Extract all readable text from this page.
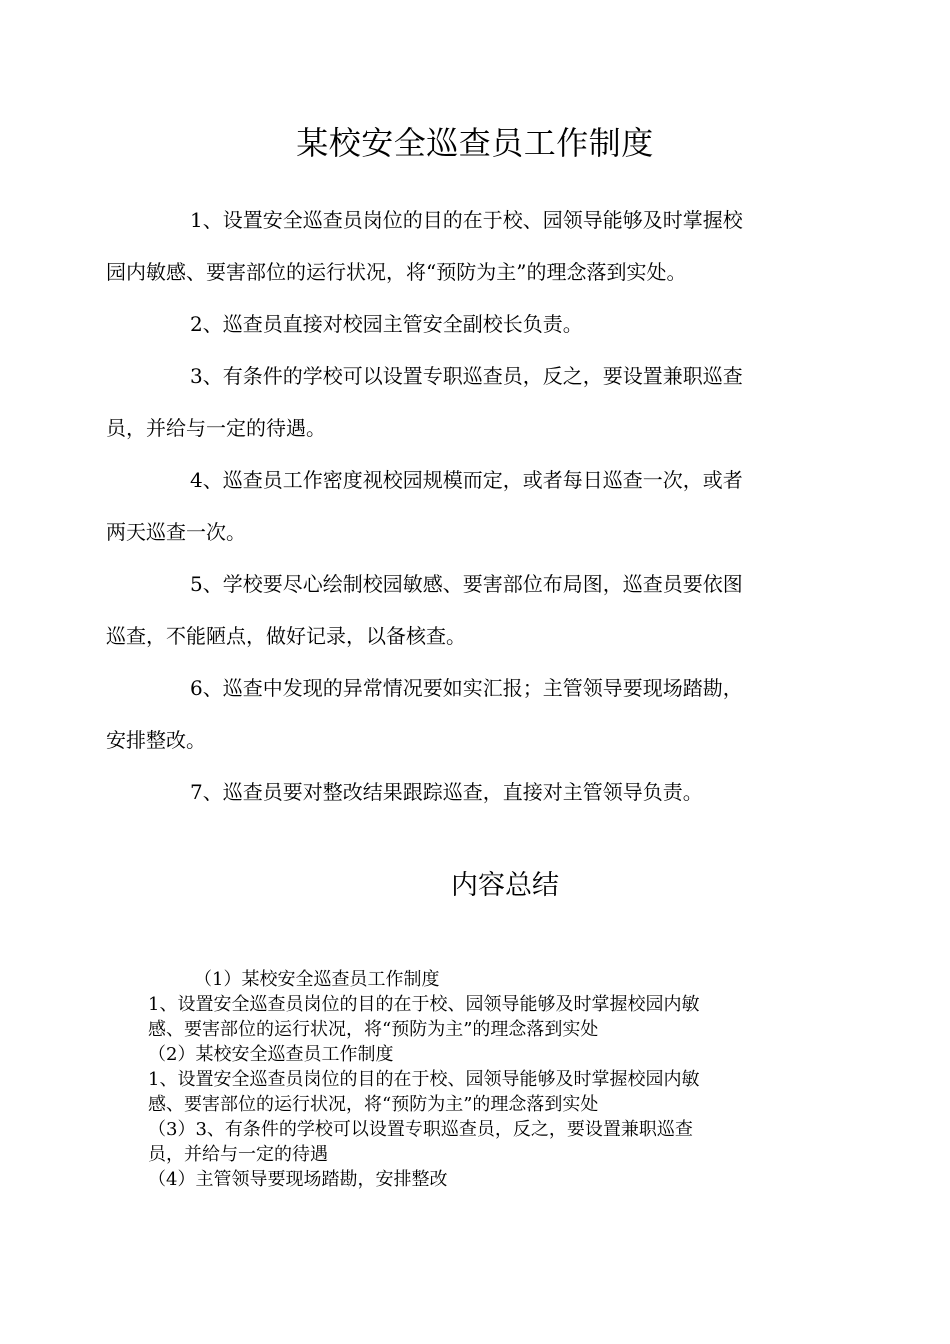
某校安全巡查员工作制度

1、设置安全巡查员岗位的目的在于校、园领导能够及时掌握校
园内敏感、要害部位的运行状况，将“预防为主”的理念落到实处。

2、巡查员直接对校园主管安全副校长负责。

3、有条件的学校可以设置专职巡查员，反之，要设置兼职巡查
员，并给与一定的待遇。

4、巡查员工作密度视校园规模而定，或者每日巡查一次，或者
两天巡查一次。

5、学校要尽心绘制校园敏感、要害部位布局图，巡查员要依图
巡查，不能陋点，做好记录，以备核查。

6、巡查中发现的异常情况要如实汇报；主管领导要现场踏勘，
安排整改。

7、巡查员要对整改结果跟踪巡查，直接对主管领导负责。

内容总结
（1）某校安全巡查员工作制度
1、设置安全巡查员岗位的目的在于校、园领导能够及时掌握校园内敏
感、要害部位的运行状况，将“预防为主”的理念落到实处
（2）某校安全巡查员工作制度
1、设置安全巡查员岗位的目的在于校、园领导能够及时掌握校园内敏
感、要害部位的运行状况，将“预防为主”的理念落到实处
（3）3、有条件的学校可以设置专职巡查员，反之，要设置兼职巡查
员，并给与一定的待遇
（4）主管领导要现场踏勘，安排整改
